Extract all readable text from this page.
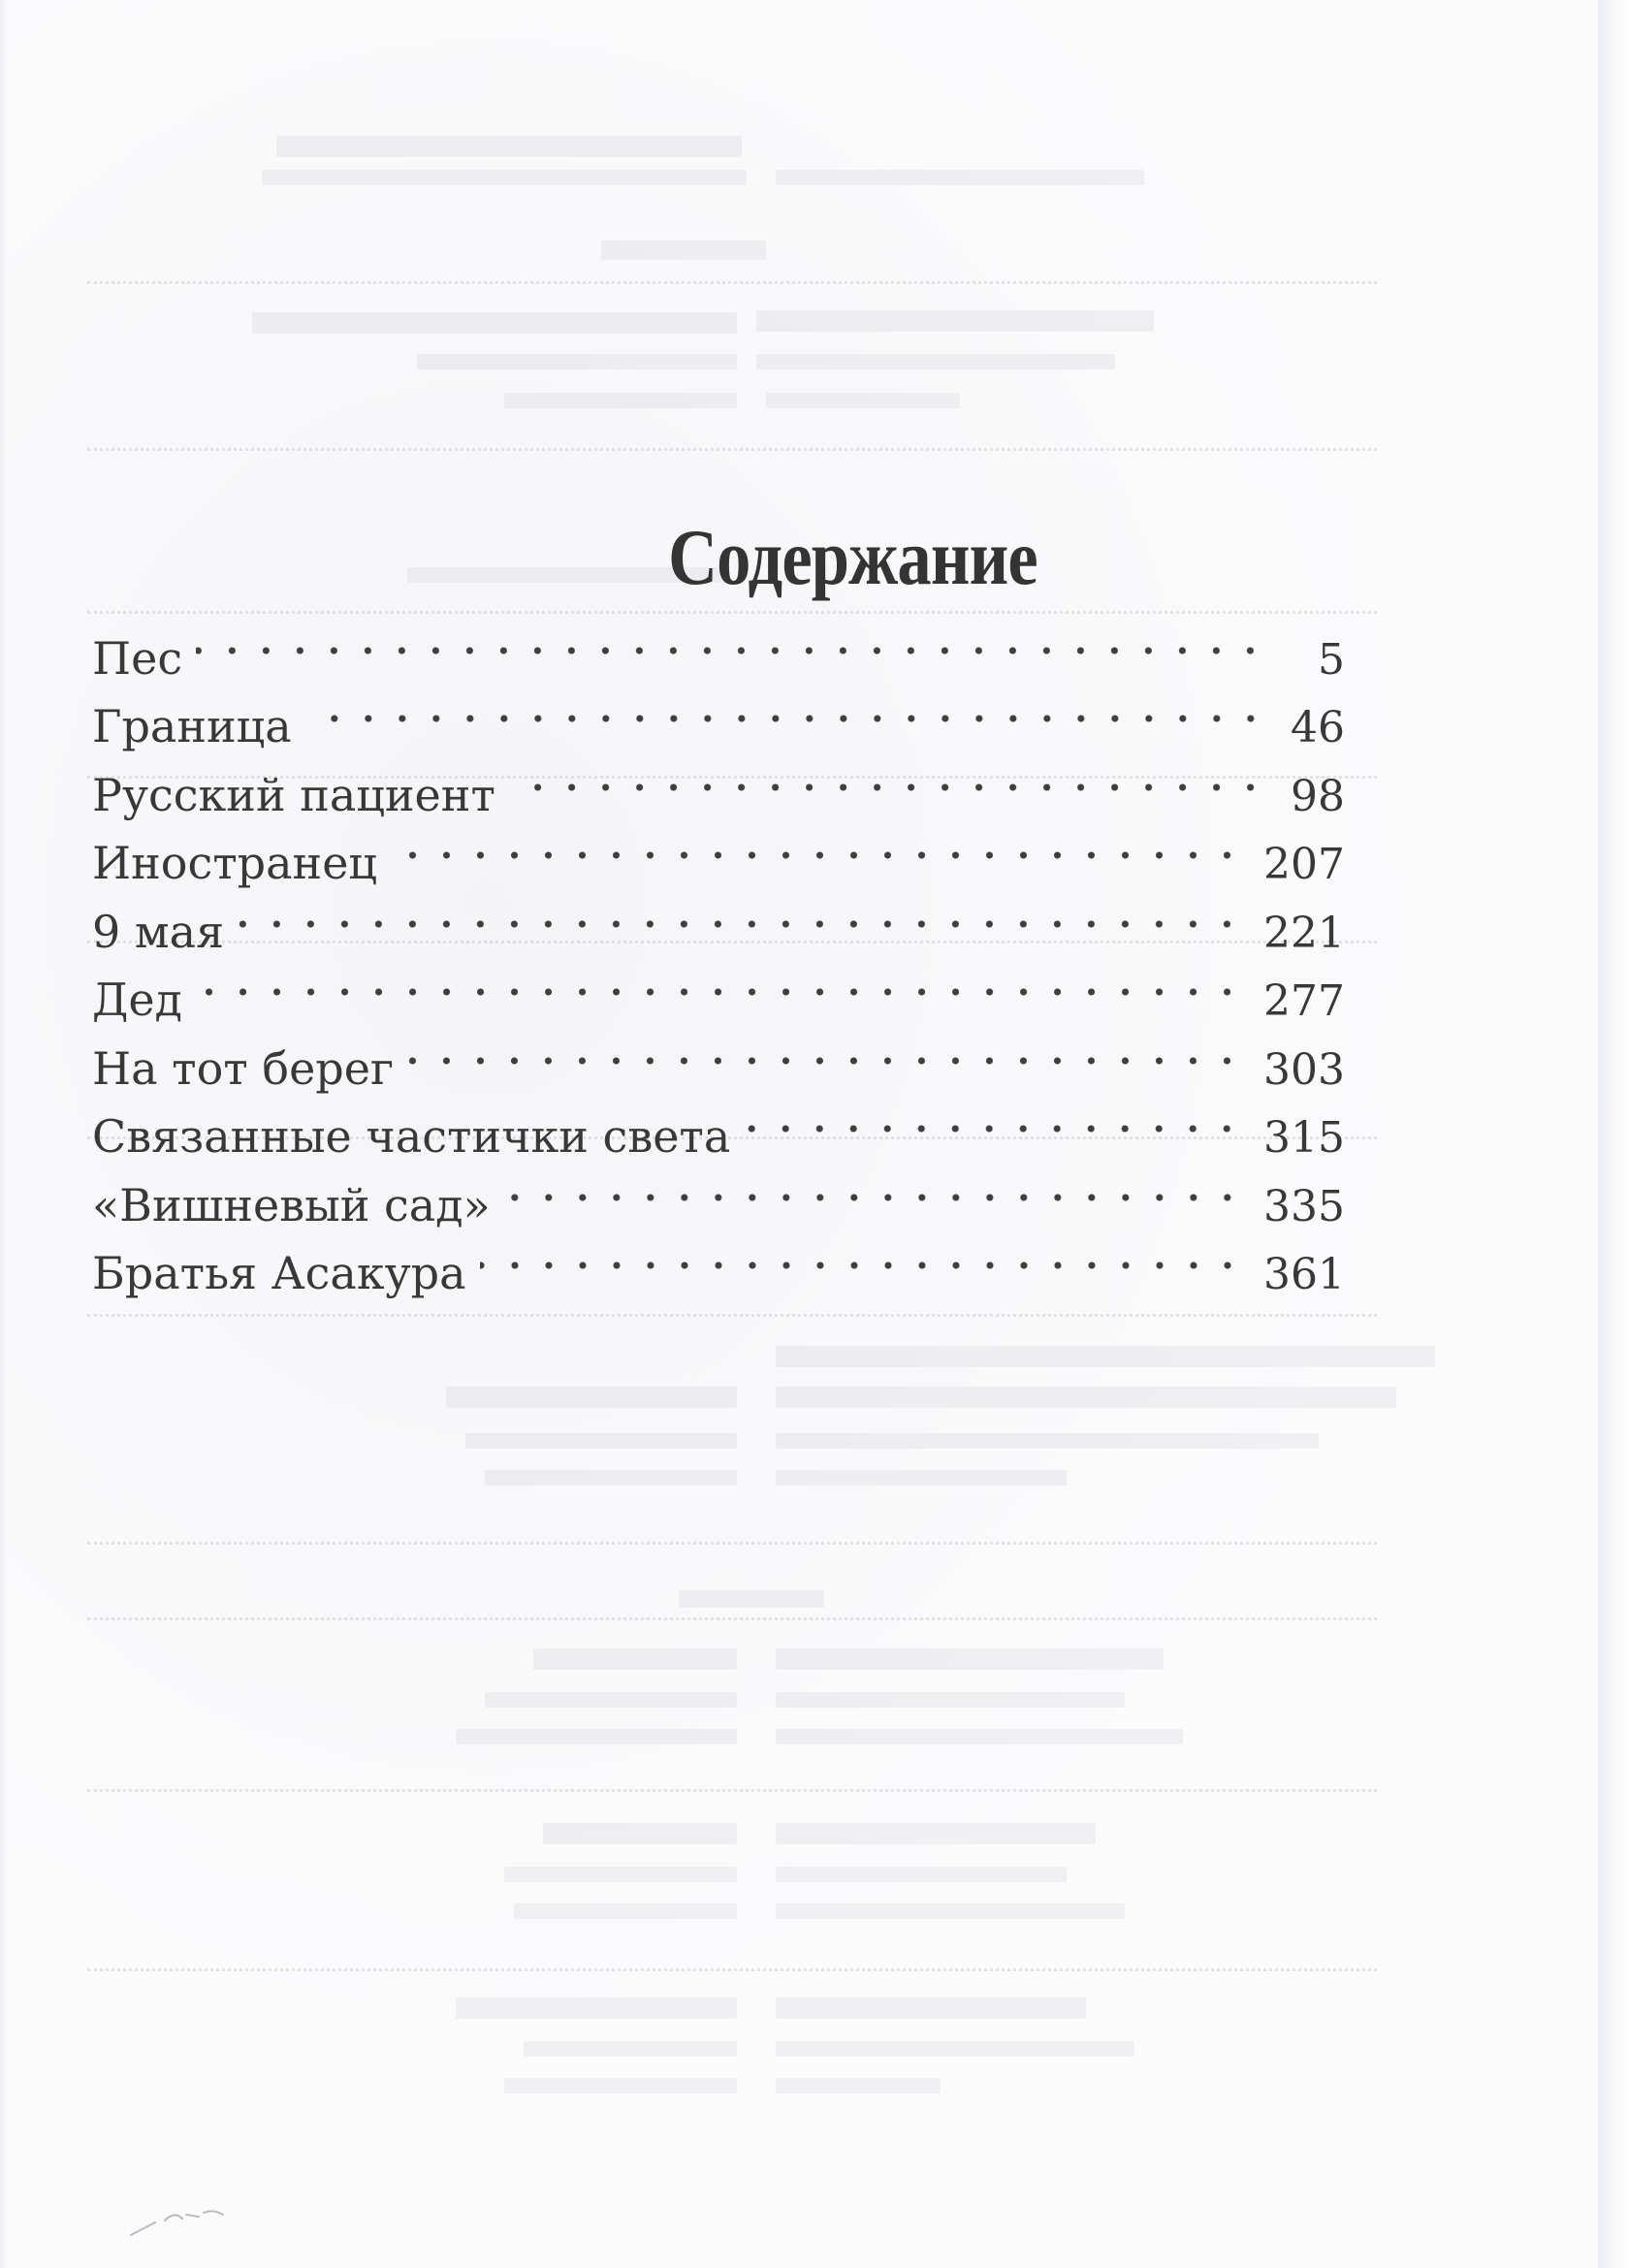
Содержание
Пес	5
Граница	46
Русский пациент	98
Иностранец	207
9 мая	221
Дед	277
На тот берег	303
Связанные частички света	315
«Вишневый сад»	335
Братья Асакура	361
